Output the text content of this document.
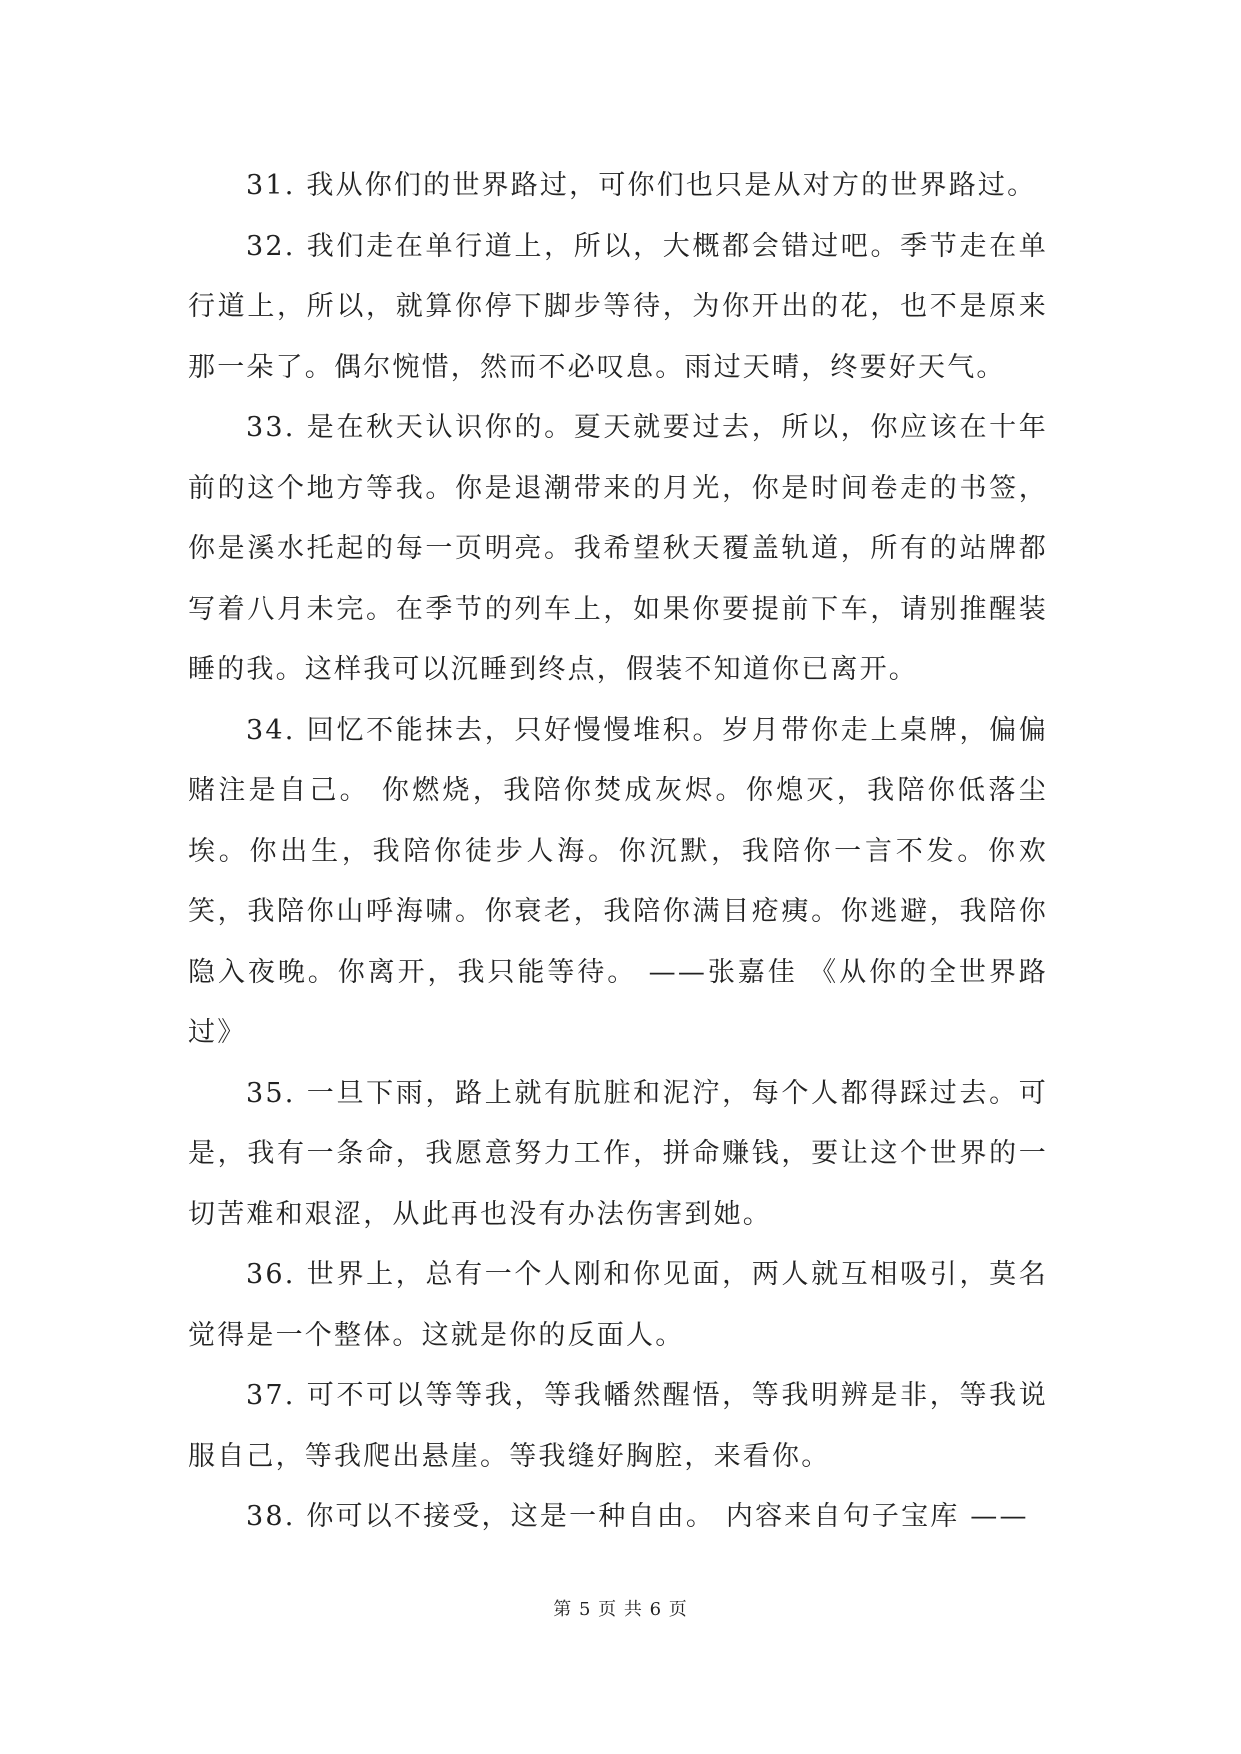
31. 我从你们的世界路过，可你们也只是从对方的世界路过。

32. 我们走在单行道上，所以，大概都会错过吧。季节走在单行道上，所以，就算你停下脚步等待，为你开出的花，也不是原来那一朵了。偶尔惋惜，然而不必叹息。雨过天晴，终要好天气。

33. 是在秋天认识你的。夏天就要过去，所以，你应该在十年前的这个地方等我。你是退潮带来的月光，你是时间卷走的书签，你是溪水托起的每一页明亮。我希望秋天覆盖轨道，所有的站牌都写着八月未完。在季节的列车上，如果你要提前下车，请别推醒装睡的我。这样我可以沉睡到终点，假装不知道你已离开。

34. 回忆不能抹去，只好慢慢堆积。岁月带你走上桌牌，偏偏赌注是自己。 你燃烧，我陪你焚成灰烬。你熄灭，我陪你低落尘埃。你出生，我陪你徒步人海。你沉默，我陪你一言不发。你欢笑，我陪你山呼海啸。你衰老，我陪你满目疮痍。你逃避，我陪你隐入夜晚。你离开，我只能等待。 ——张嘉佳 《从你的全世界路过》

35. 一旦下雨，路上就有肮脏和泥泞，每个人都得踩过去。可是，我有一条命，我愿意努力工作，拼命赚钱，要让这个世界的一切苦难和艰涩，从此再也没有办法伤害到她。

36. 世界上，总有一个人刚和你见面，两人就互相吸引，莫名觉得是一个整体。这就是你的反面人。

37. 可不可以等等我，等我幡然醒悟，等我明辨是非，等我说服自己，等我爬出悬崖。等我缝好胸腔，来看你。

38. 你可以不接受，这是一种自由。 内容来自句子宝库 ——

第 5 页 共 6 页
